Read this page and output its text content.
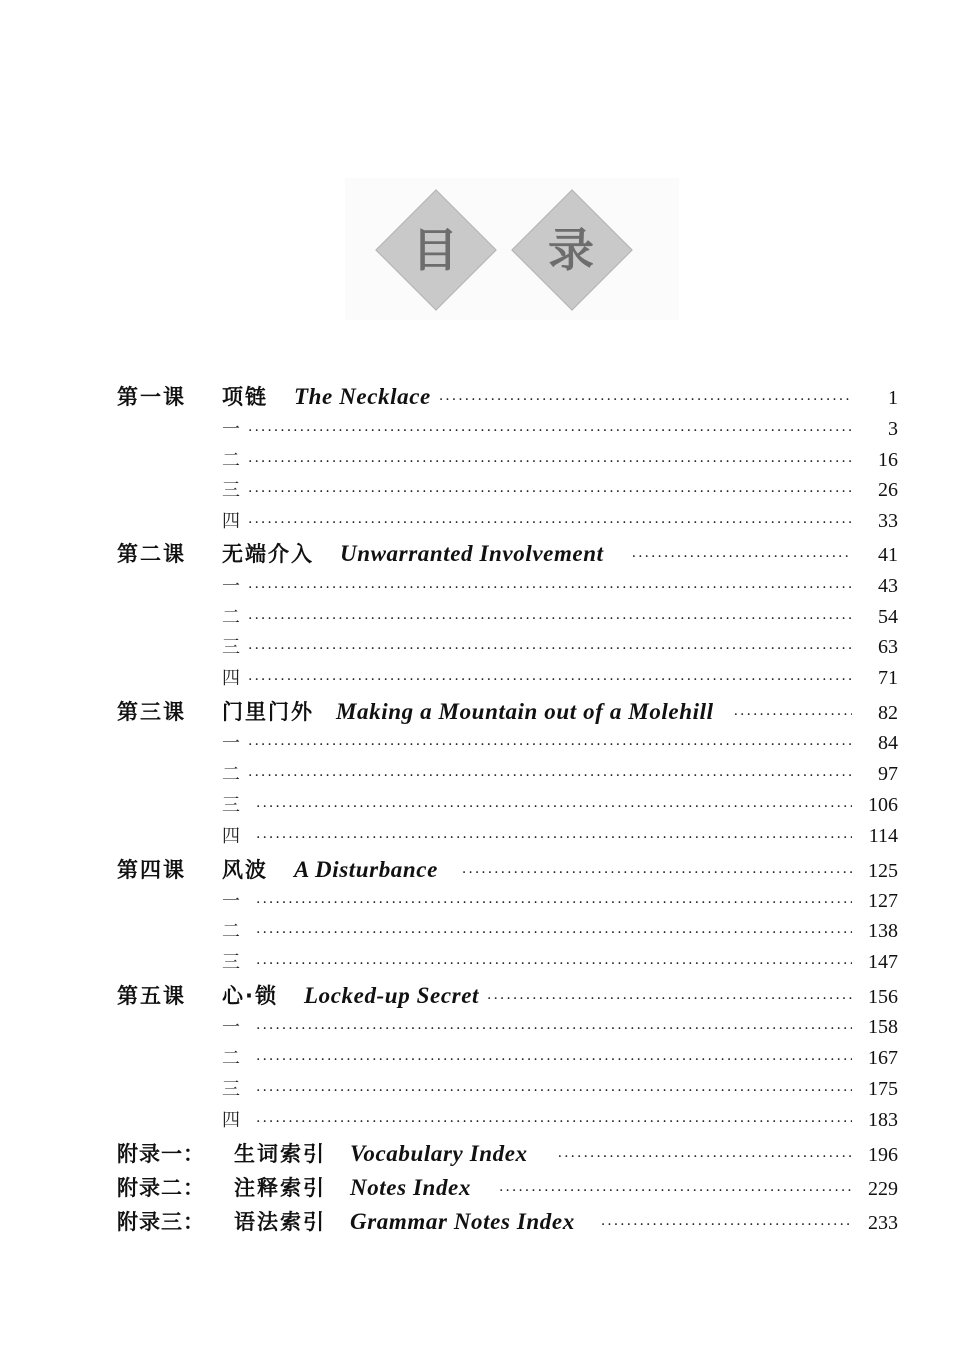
目	录
第一课 项链 The Necklace ·····	1
一 ·····	3
二 ·····	16
三 ·····	26
四 ·····	33
第二课 无端介入 Unwarranted Involvement ·····	41
一 ·····	43
二 ·····	54
三 ·····	63
四 ·····	71
第三课 门里门外 Making a Mountain out of a Molehill ·····	82
一 ·····	84
二 ·····	97
三 ·····	106
四 ·····	114
第四课 风波 A Disturbance ·····	125
一 ·····	127
二 ·····	138
三 ·····	147
第五课 心·锁 Locked-up Secret ·····	156
一 ·····	158
二 ·····	167
三 ·····	175
四 ·····	183
附录一： 生词索引 Vocabulary Index ·····	196
附录二： 注释索引 Notes Index ·····	229
附录三： 语法索引 Grammar Notes Index ·····	233
